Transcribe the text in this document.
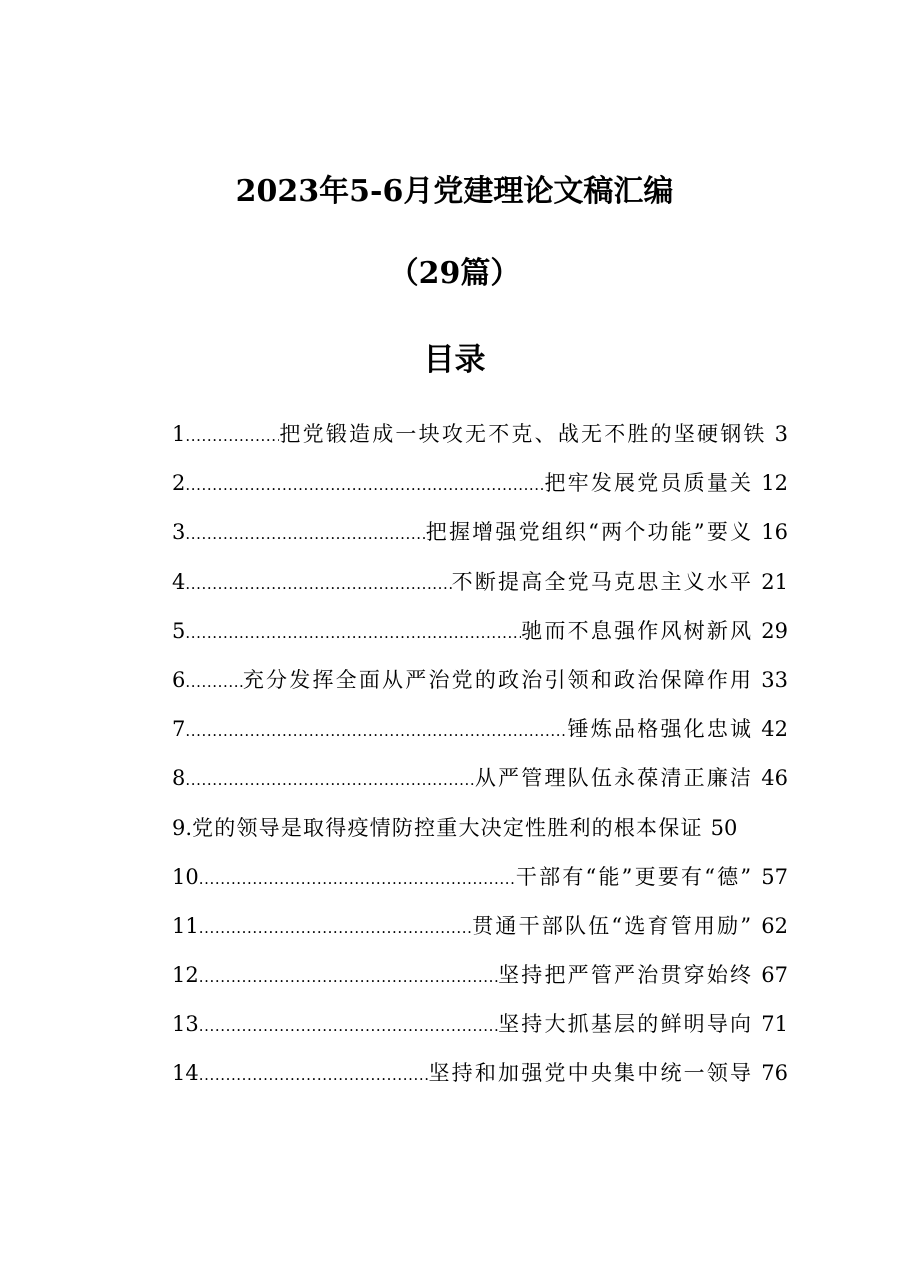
2023年5-6月党建理论文稿汇编
（29篇）
目录
1 .....	把党锻造成一块攻无不克、战无不胜的坚硬钢铁 3
2 .....	把牢发展党员质量关 12
3 .....	把握增强党组织“两个功能”要义 16
4 .....	不断提高全党马克思主义水平 21
5 .....	驰而不息强作风树新风 29
6 .....	充分发挥全面从严治党的政治引领和政治保障作用 33
7 .....	锤炼品格强化忠诚 42
8 .....	从严管理队伍永葆清正廉洁 46
9. 党的领导是取得疫情防控重大决定性胜利的根本保证 50
10 .....	干部有“能”更要有“德” 57
11 .....	贯通干部队伍“选育管用励” 62
12 .....	坚持把严管严治贯穿始终 67
13 .....	坚持大抓基层的鲜明导向 71
14 .....	坚持和加强党中央集中统一领导 76
